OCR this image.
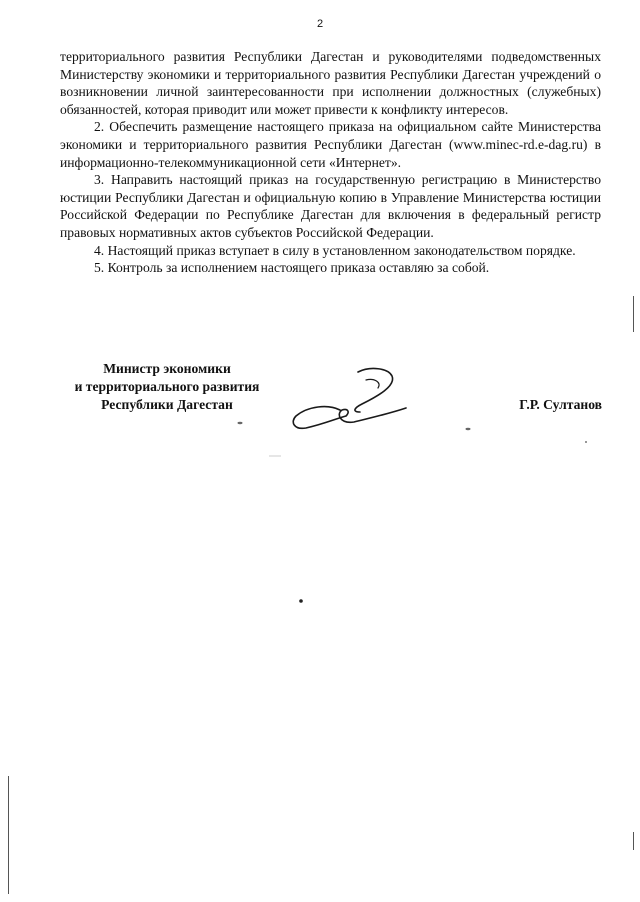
2

территориального развития Республики Дагестан и руководителями подведомственных Министерству экономики и территориального развития Республики Дагестан учреждений о возникновении личной заинтересованности при исполнении должностных (служебных) обязанностей, которая приводит или может привести к конфликту интересов.

2. Обеспечить размещение настоящего приказа на официальном сайте Министерства экономики и территориального развития Республики Дагестан (www.minec-rd.e-dag.ru) в информационно-телекоммуникационной сети «Интернет».

3. Направить настоящий приказ на государственную регистрацию в Министерство юстиции Республики Дагестан и официальную копию в Управление Министерства юстиции Российской Федерации по Республике Дагестан для включения в федеральный регистр правовых нормативных актов субъектов Российской Федерации.

4. Настоящий приказ вступает в силу в установленном законодательством порядке.

5. Контроль за исполнением настоящего приказа оставляю за собой.

Министр экономики
и территориального развития
Республики Дагестан	Г.Р. Султанов
